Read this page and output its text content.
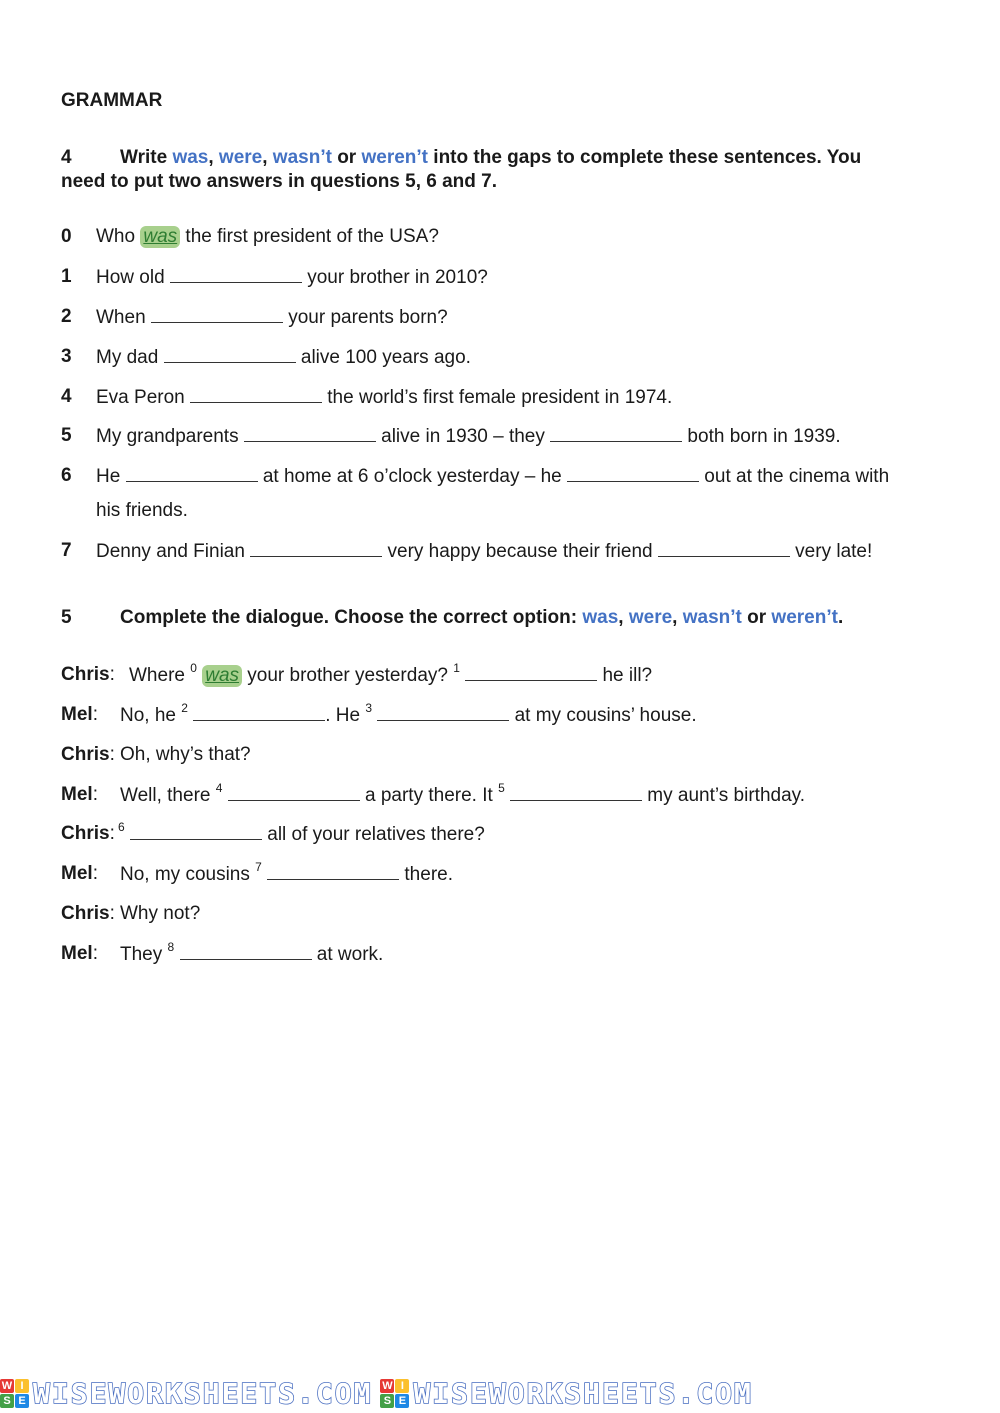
GRAMMAR
4	Write was, were, wasn’t or weren’t into the gaps to complete these sentences. You
need to put two answers in questions 5, 6 and 7.
0 Who was the first president of the USA?
1 How old	your brother in 2010?
2 When	your parents born?
3 My dad	alive 100 years ago.
4 Eva Peron	the world’s first female president in 1974.
5 My grandparents	alive in 1930 – they	both born in 1939.
6 He	at home at 6 o’clock yesterday – he	out at the cinema with
his friends.
7 Denny and Finian	very happy because their friend	very late!
5	Complete the dialogue. Choose the correct option: was, were, wasn’t or weren’t.
Chris: Where $^0$ was your brother yesterday? $^1$	he ill?
Mel: No, he $^2$	. He $^3$	at my cousins’ house.
Chris: Oh, why’s that?
Mel: Well, there $^4$	a party there. It $^5$	my aunt’s birthday.
Chris: $^6$	all of your relatives there?
Mel: No, my cousins $^7$	there.
Chris: Why not?
Mel: They $^8$	at work.
W I
S E WISEWORKSHEETS.COM W I
S E WISEWORKSHEETS.COM
